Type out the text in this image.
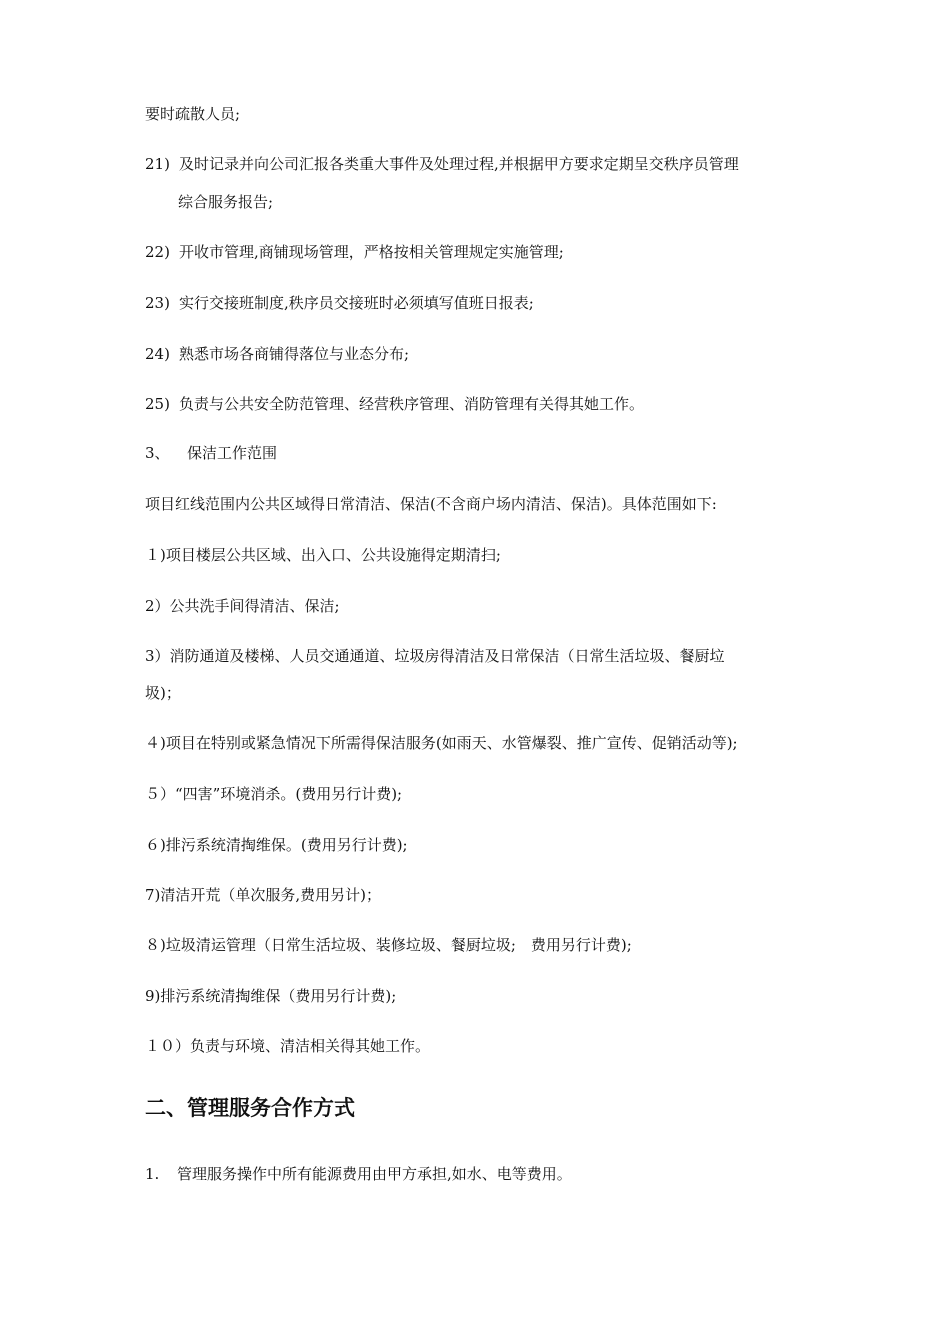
要时疏散人员;
21) 及时记录并向公司汇报各类重大事件及处理过程,并根据甲方要求定期呈交秩序员管理
综合服务报告;
22) 开收市管理,商铺现场管理，严格按相关管理规定实施管理;
23) 实行交接班制度,秩序员交接班时必须填写值班日报表;
24) 熟悉市场各商铺得落位与业态分布;
25) 负责与公共安全防范管理、经营秩序管理、消防管理有关得其她工作。
3、 保洁工作范围
项目红线范围内公共区域得日常清洁、保洁(不含商户场内清洁、保洁)。具体范围如下:
１)项目楼层公共区域、出入口、公共设施得定期清扫;
2）公共洗手间得清洁、保洁;
3）消防通道及楼梯、人员交通通道、垃圾房得清洁及日常保洁（日常生活垃圾、餐厨垃
圾)；
４)项目在特别或紧急情况下所需得保洁服务(如雨天、水管爆裂、推广宣传、促销活动等);
５）“四害”环境消杀。(费用另行计费);
６)排污系统清掏维保。(费用另行计费);
7)清洁开荒（单次服务,费用另计)；
８)垃圾清运管理（日常生活垃圾、装修垃圾、餐厨垃圾;　费用另行计费);
9)排污系统清掏维保（费用另行计费);
１０）负责与环境、清洁相关得其她工作。
二、管理服务合作方式
1. 管理服务操作中所有能源费用由甲方承担,如水、电等费用。
